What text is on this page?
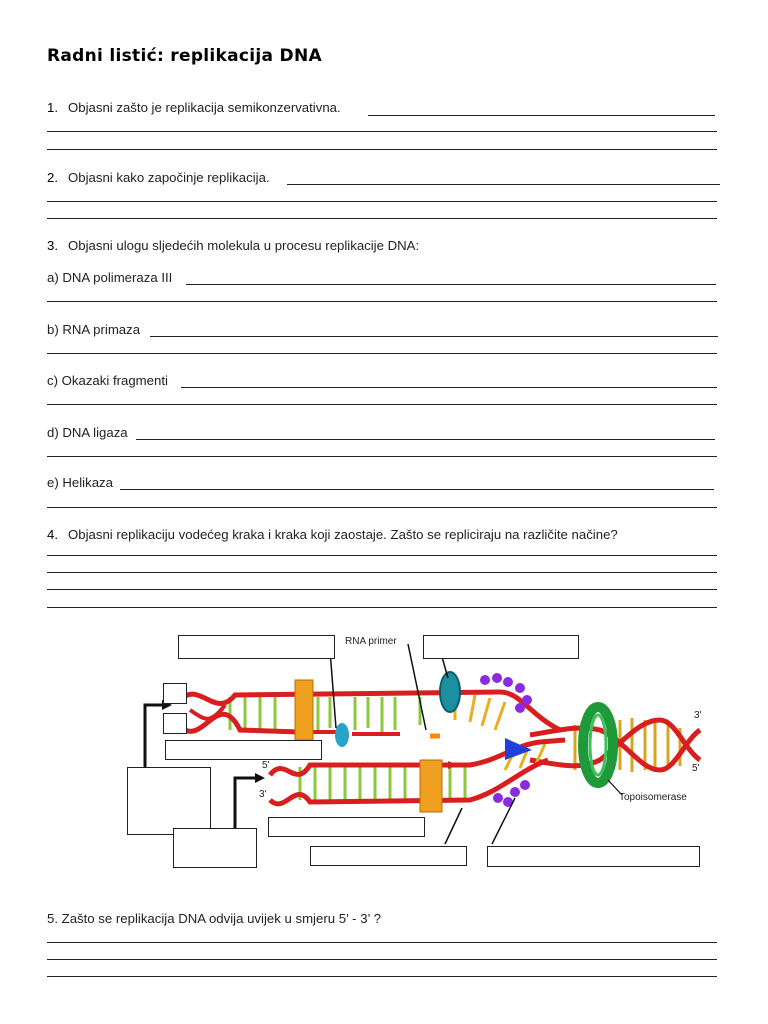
Radni listić: replikacija DNA
1. Objasni zašto je replikacija semikonzervativna.
2. Objasni kako započinje replikacija.
3. Objasni ulogu sljedećih molekula u procesu replikacije DNA:
a) DNA polimeraza III
b) RNA primaza
c) Okazaki fragmenti
d) DNA ligaza
e) Helikaza
4. Objasni replikaciju vodećeg kraka i kraka koji zaostaje. Zašto se repliciraju na različite načine?
RNA primer
Topoisomerase
3'
5'
5'
3'
5. Zašto se replikacija DNA odvija uvijek u smjeru 5’ - 3’ ?
